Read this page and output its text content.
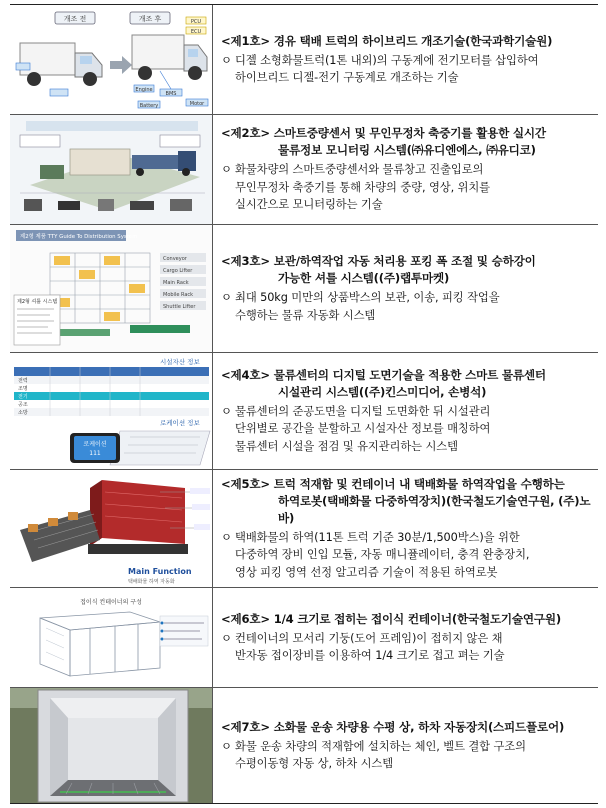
개조 전	개조 후	PCU
ECU
BMS
Engine
Motor
Battery
<제1호> 경유 택배 트럭의 하이브리드 개조기술(한국과학기술원)
ㅇ 디젤 소형화물트럭(1톤 내외)의 구동계에 전기모터를 삽입하여
하이브리드 디젤-전기 구동계로 개조하는 기술
<제2호> 스마트중량센서 및 무인무정차 축중기를 활용한 실시간
물류정보 모니터링 시스템(㈜유디엔에스, ㈜유디코)
ㅇ 화물차량의 스마트중량센서와 물류창고 진출입로의
무인무정차 축중기를 통해 차량의 중량, 영상, 위치를
실시간으로 모니터링하는 기술
제2형 제품 TTY Guide To Distribution System
Conveyor
Cargo Lifter
Main Rack
Mobile Rack
Shuttle Lifter
제2형 셔틀 시스템
<제3호> 보관/하역작업 자동 처리용 포킹 폭 조절 및 승하강이
가능한 셔틀 시스템((주)랩투마켓)
ㅇ 최대 50kg 미만의 상품박스의 보관, 이송, 피킹 작업을
수행하는 물류 자동화 시스템
시설자산 정보
전력
조명
전기
공조
소방
로케이션 정보
로케이션
111
<제4호> 물류센터의 디지털 도면기술을 적용한 스마트 물류센터
시설관리 시스템((주)킨스미디어, 손병석)
ㅇ 물류센터의 준공도면을 디지털 도면화한 뒤 시설관리
단위별로 공간을 분할하고 시설자산 정보를 매칭하여
물류센터 시설을 점검 및 유지관리하는 시스템
Main Function
택배화물 하역 자동화
<제5호> 트럭 적재함 및 컨테이너 내 택배화물 하역작업을 수행하는
하역로봇(택배화물 다중하역장치)(한국철도기술연구원, (주)노바)
ㅇ 택배화물의 하역(11톤 트럭 기준 30분/1,500박스)을 위한
다중하역 장비 인입 모듈, 자동 매니퓰레이터, 충격 완충장치,
영상 피킹 영역 선정 알고리즘 기술이 적용된 하역로봇
접이식 컨테이너의 구성
<제6호> 1/4 크기로 접히는 접이식 컨테이너(한국철도기술연구원)
ㅇ 컨테이너의 모서리 기둥(도어 프레임)이 접히지 않은 채
반자동 접이장비를 이용하여 1/4 크기로 접고 펴는 기술
<제7호> 소화물 운송 차량용 수평 상, 하차 자동장치(스피드플로어)
ㅇ 화물 운송 차량의 적재함에 설치하는 체인, 벨트 결합 구조의
수평이동형 자동 상, 하차 시스템
